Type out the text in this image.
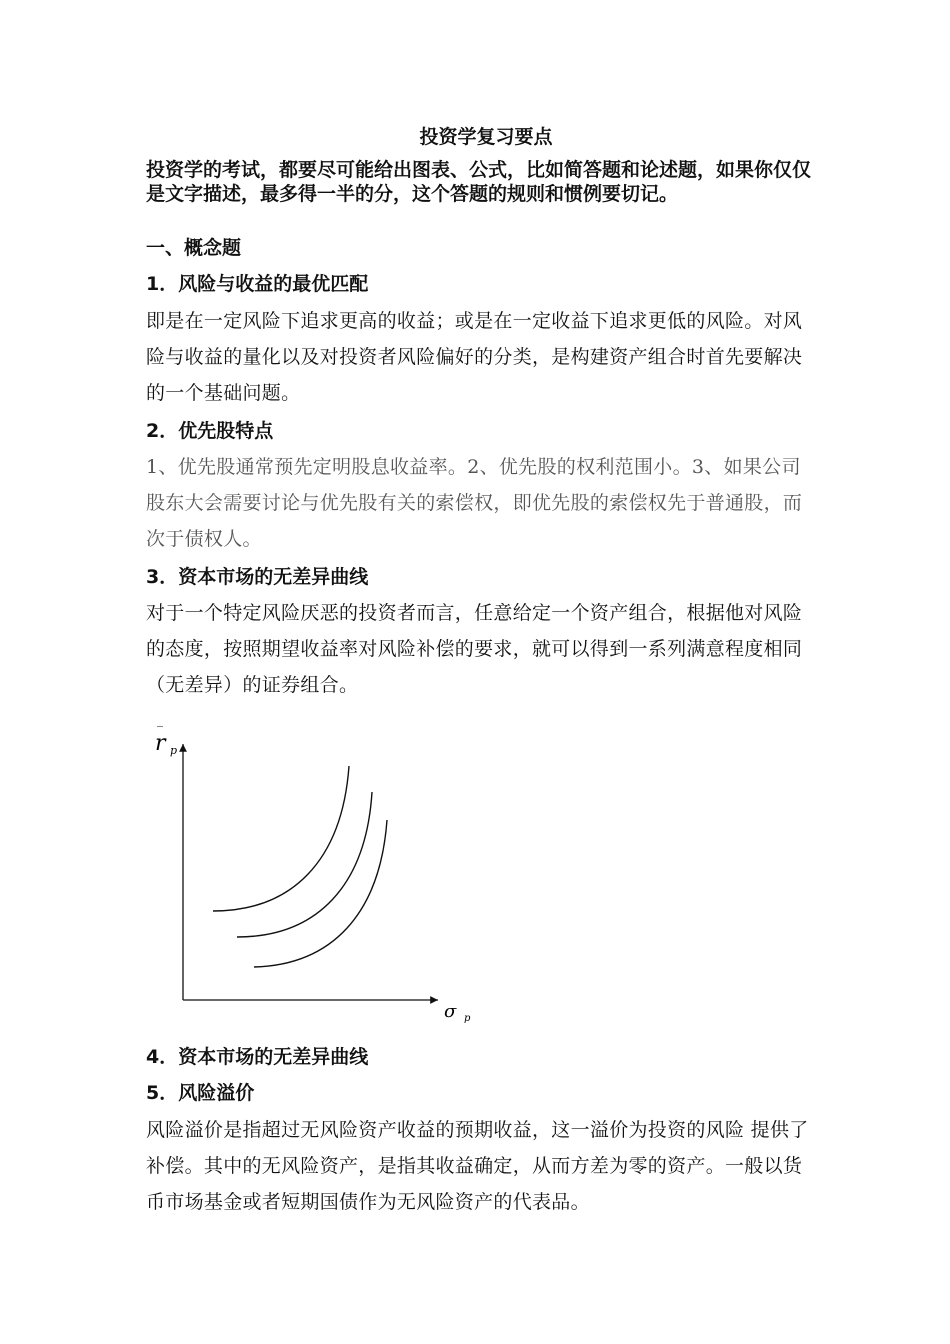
投资学复习要点

投资学的考试，都要尽可能给出图表、公式，比如简答题和论述题，如果你仅仅是文字描述，最多得一半的分，这个答题的规则和惯例要切记。

一、概念题
1．风险与收益的最优匹配

即是在一定风险下追求更高的收益；或是在一定收益下追求更低的风险。对风险与收益的量化以及对投资者风险偏好的分类，是构建资产组合时首先要解决的一个基础问题。

2．优先股特点

1、优先股通常预先定明股息收益率。2、优先股的权利范围小。3、如果公司股东大会需要讨论与优先股有关的索偿权，即优先股的索偿权先于普通股，而次于债权人。

3．资本市场的无差异曲线

对于一个特定风险厌恶的投资者而言，任意给定一个资产组合，根据他对风险的态度，按照期望收益率对风险补偿的要求，就可以得到一系列满意程度相同（无差异）的证券组合。

4．资本市场的无差异曲线
5．风险溢价

风险溢价是指超过无风险资产收益的预期收益，这一溢价为投资的风险 提供了补偿。其中的无风险资产，是指其收益确定，从而方差为零的资产。一般以货币市场基金或者短期国债作为无风险资产的代表品。

_
r p
σ p
